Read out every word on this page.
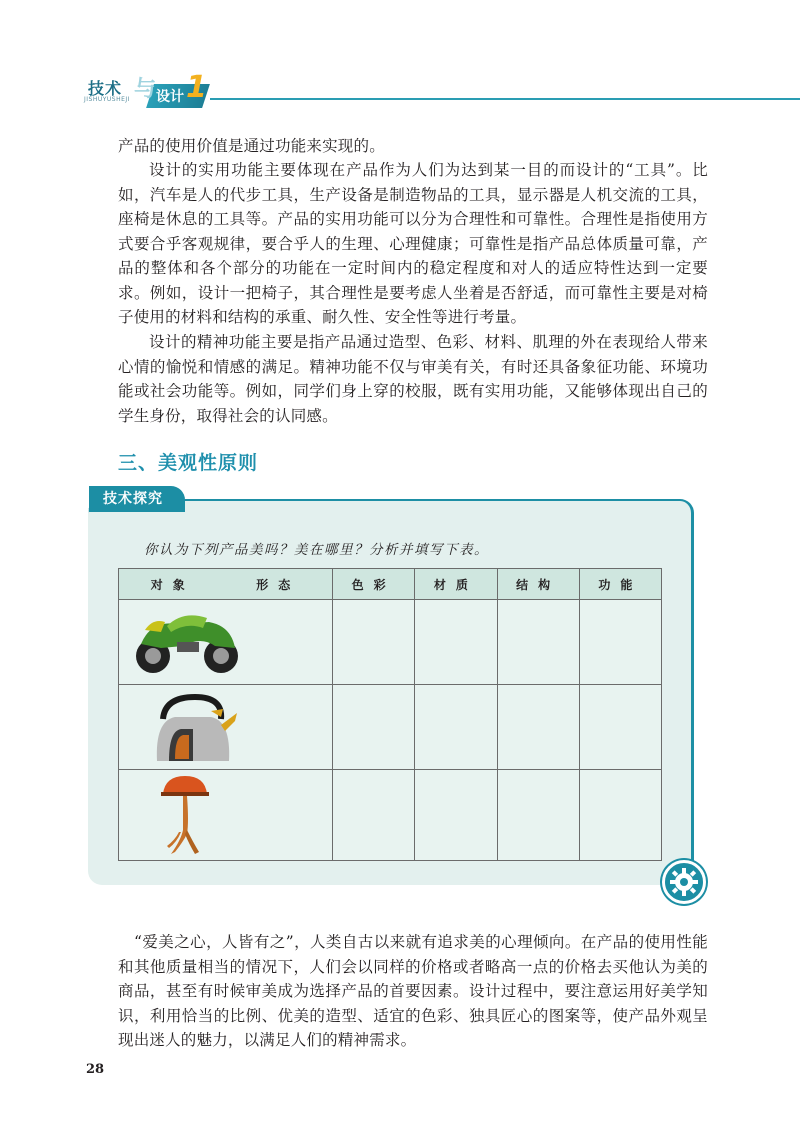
技术
JISHUYUSHEJI 与 设计 1
产品的使用价值是通过功能来实现的。
设计的实用功能主要体现在产品作为人们为达到某一目的而设计的“工具”。比如，汽车是人的代步工具，生产设备是制造物品的工具，显示器是人机交流的工具，座椅是休息的工具等。产品的实用功能可以分为合理性和可靠性。合理性是指使用方式要合乎客观规律，要合乎人的生理、心理健康；可靠性是指产品总体质量可靠，产品的整体和各个部分的功能在一定时间内的稳定程度和对人的适应特性达到一定要求。例如，设计一把椅子，其合理性是要考虑人坐着是否舒适，而可靠性主要是对椅子使用的材料和结构的承重、耐久性、安全性等进行考量。
设计的精神功能主要是指产品通过造型、色彩、材料、肌理的外在表现给人带来心情的愉悦和情感的满足。精神功能不仅与审美有关，有时还具备象征功能、环境功能或社会功能等。例如，同学们身上穿的校服，既有实用功能，又能够体现出自己的学生身份，取得社会的认同感。
三、美观性原则
技术探究
你认为下列产品美吗？美在哪里？分析并填写下表。
对象 形态	色彩	材质	结构	功能

“爱美之心，人皆有之”，人类自古以来就有追求美的心理倾向。在产品的使用性能和其他质量相当的情况下，人们会以同样的价格或者略高一点的价格去买他认为美的商品，甚至有时候审美成为选择产品的首要因素。设计过程中，要注意运用好美学知识，利用恰当的比例、优美的造型、适宜的色彩、独具匠心的图案等，使产品外观呈现出迷人的魅力，以满足人们的精神需求。
28
